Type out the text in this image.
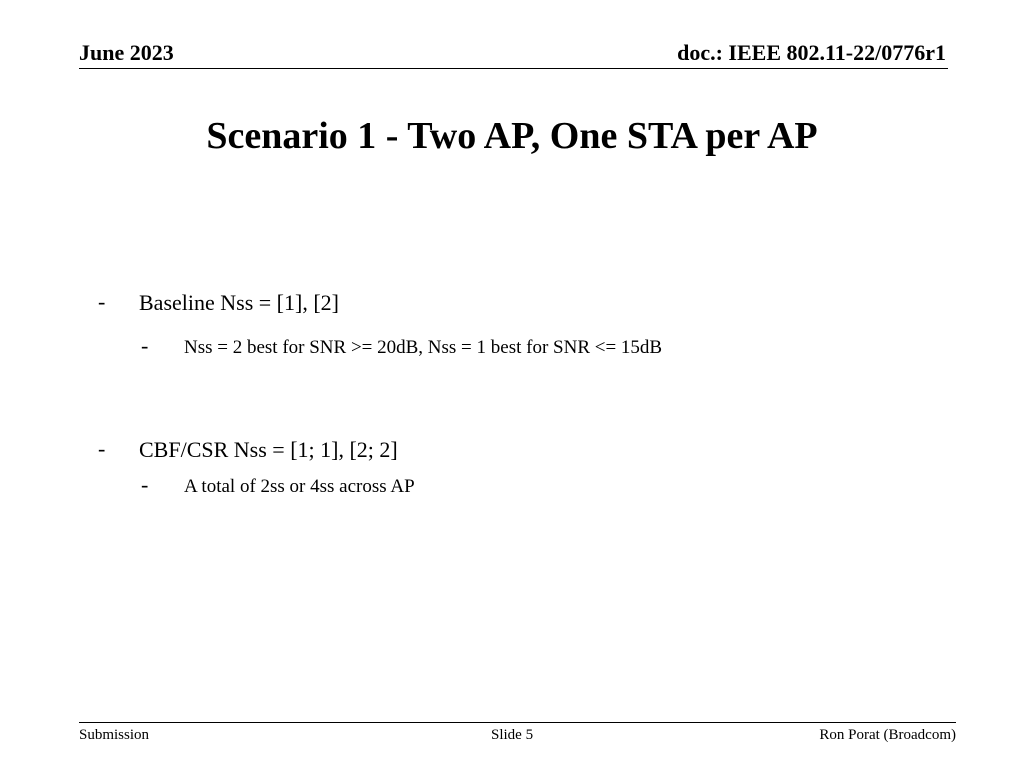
June 2023	doc.: IEEE 802.11-22/0776r1
Scenario 1 - Two AP, One STA per AP
- Baseline Nss = [1], [2]
- Nss = 2 best for SNR >= 20dB, Nss = 1 best for SNR <= 15dB
- CBF/CSR Nss = [1; 1], [2; 2]
- A total of 2ss or 4ss across AP
Submission	Slide 5	Ron Porat (Broadcom)
